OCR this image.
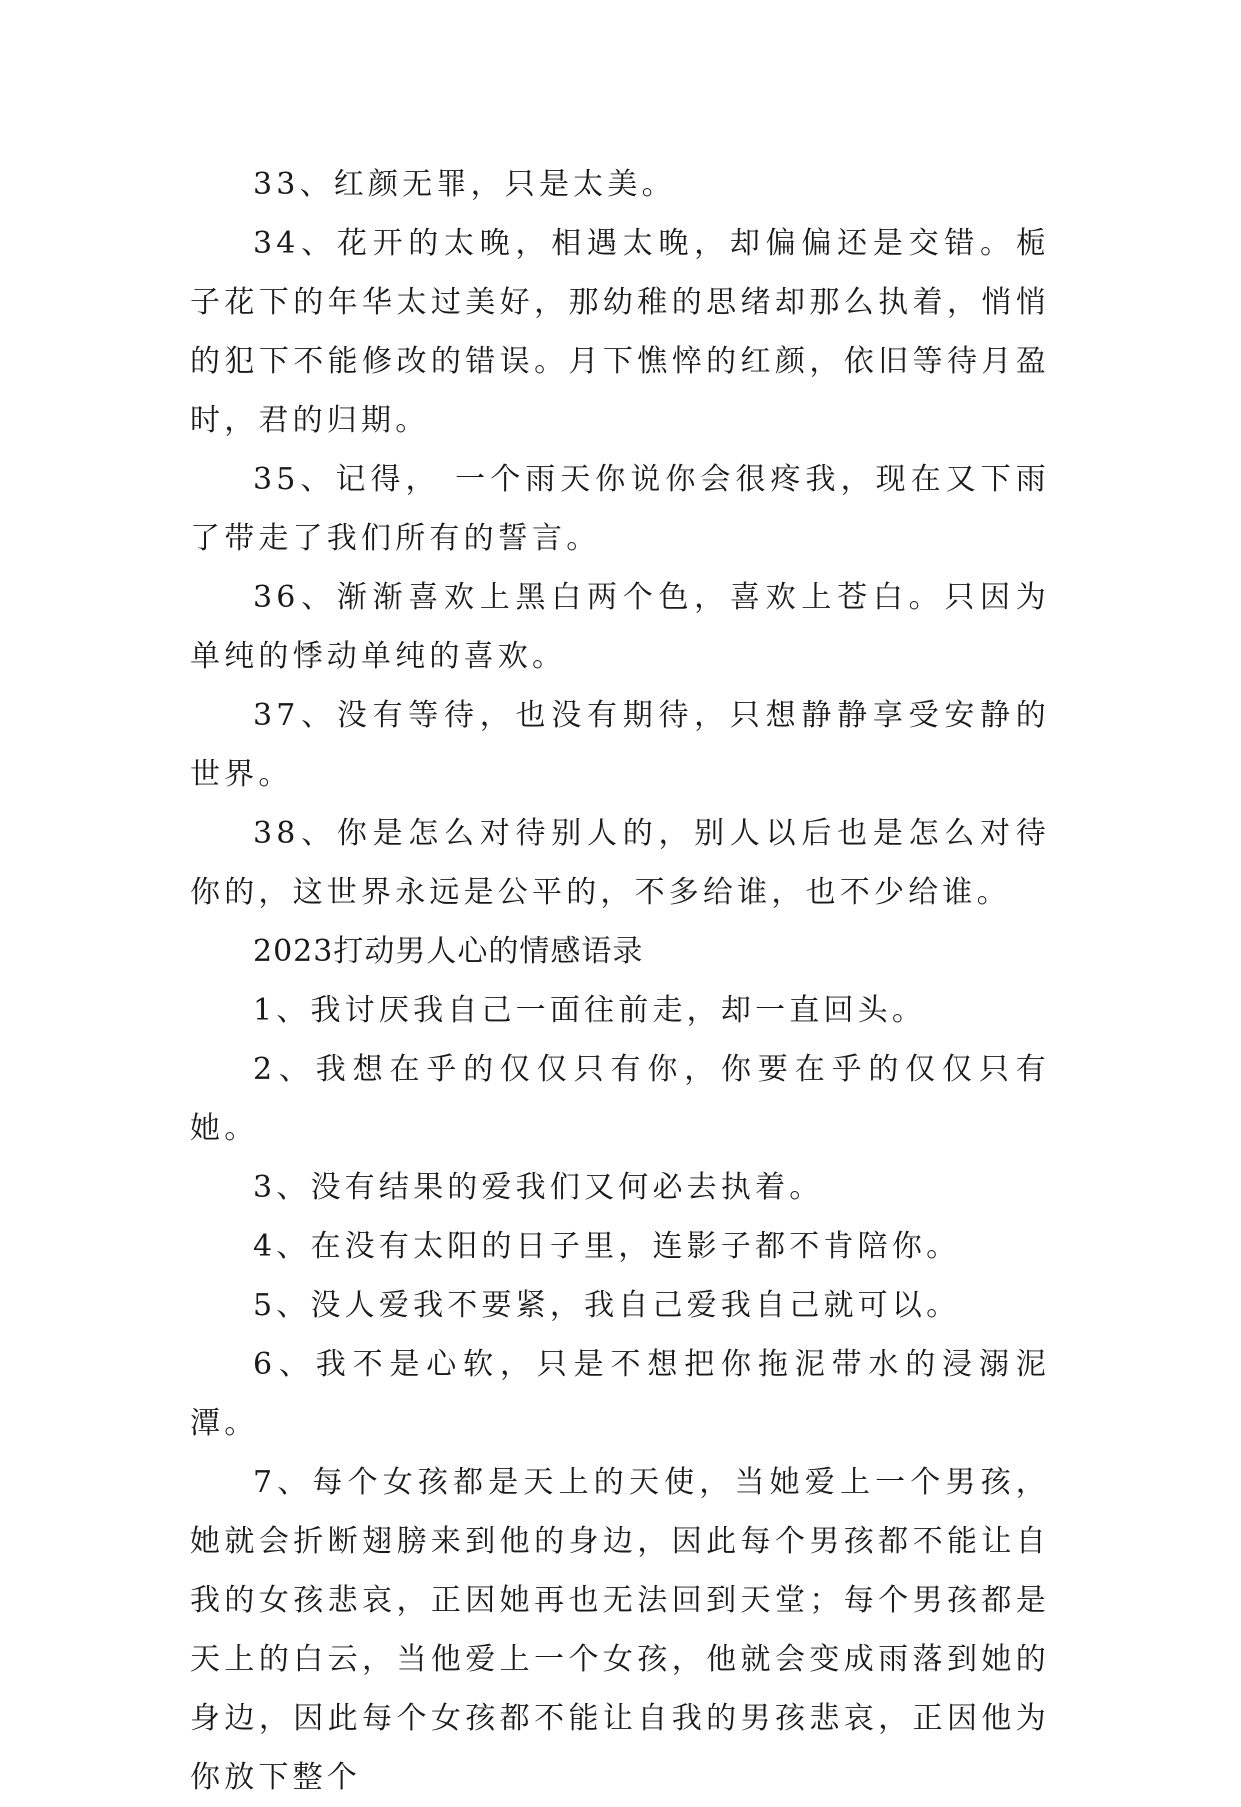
33、红颜无罪，只是太美。

34、花开的太晚，相遇太晚，却偏偏还是交错。栀子花下的年华太过美好，那幼稚的思绪却那么执着，悄悄的犯下不能修改的错误。月下憔悴的红颜，依旧等待月盈时，君的归期。

35、记得， 一个雨天你说你会很疼我，现在又下雨了带走了我们所有的誓言。

36、渐渐喜欢上黑白两个色，喜欢上苍白。只因为单纯的悸动单纯的喜欢。

37、没有等待，也没有期待，只想静静享受安静的世界。

38、你是怎么对待别人的，别人以后也是怎么对待你的，这世界永远是公平的，不多给谁，也不少给谁。

2023打动男人心的情感语录

1、我讨厌我自己一面往前走，却一直回头。

2、我想在乎的仅仅只有你，你要在乎的仅仅只有她。

3、没有结果的爱我们又何必去执着。

4、在没有太阳的日子里，连影子都不肯陪你。

5、没人爱我不要紧，我自己爱我自己就可以。

6、我不是心软，只是不想把你拖泥带水的浸溺泥潭。

7、每个女孩都是天上的天使，当她爱上一个男孩，她就会折断翅膀来到他的身边，因此每个男孩都不能让自我的女孩悲哀，正因她再也无法回到天堂；每个男孩都是天上的白云，当他爱上一个女孩，他就会变成雨落到她的身边，因此每个女孩都不能让自我的男孩悲哀，正因他为你放下整个
